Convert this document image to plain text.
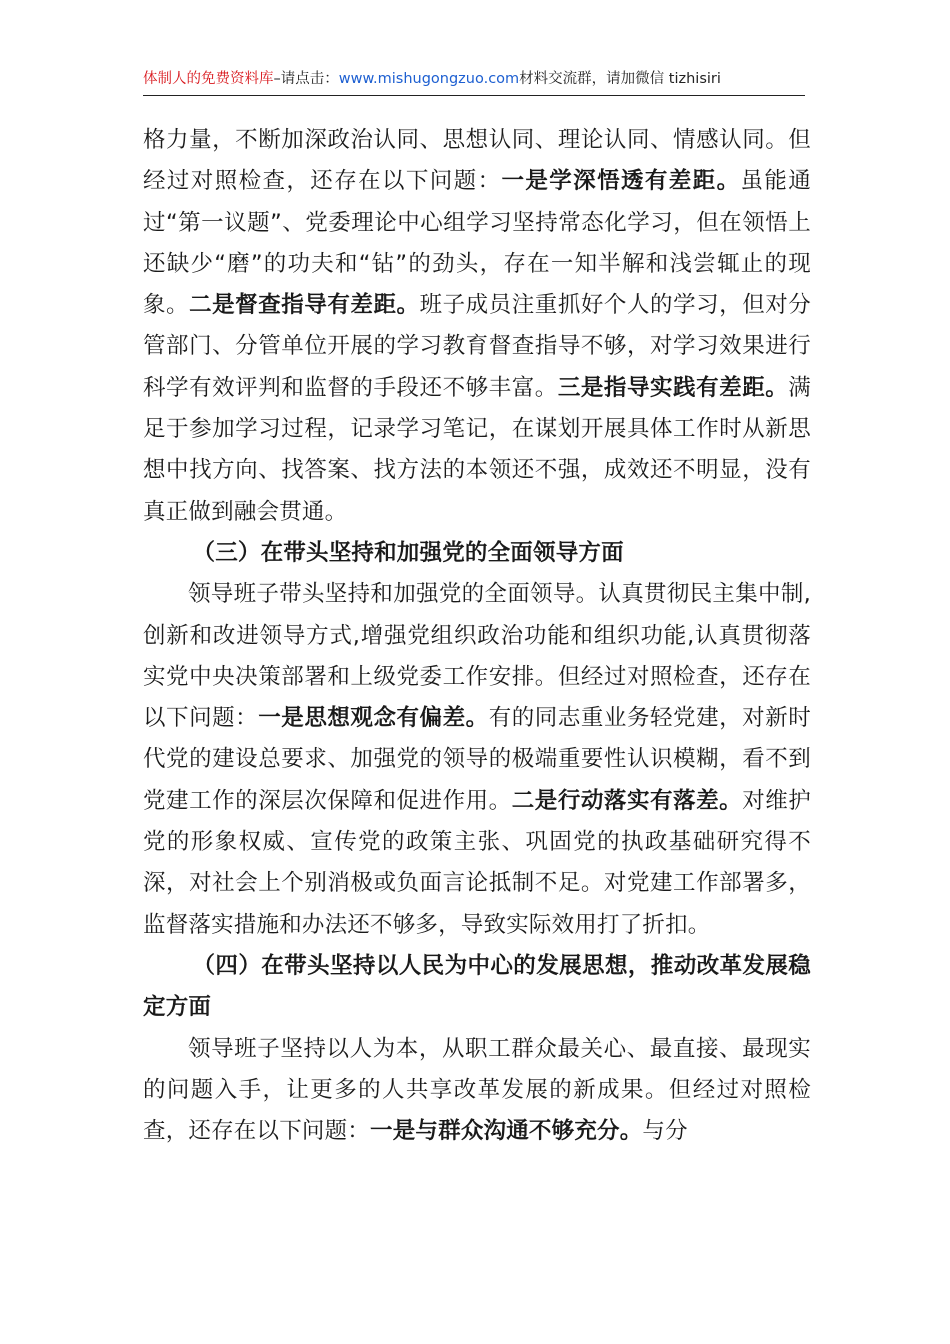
体制人的免费资料库–请点击：www.mishugongzuo.com材料交流群，请加微信 tizhisiri

格力量，不断加深政治认同、思想认同、理论认同、情感认同。但经过对照检查，还存在以下问题：一是学深悟透有差距。虽能通过“第一议题”、党委理论中心组学习坚持常态化学习，但在领悟上还缺少“磨”的功夫和“钻”的劲头，存在一知半解和浅尝辄止的现象。二是督查指导有差距。班子成员注重抓好个人的学习，但对分管部门、分管单位开展的学习教育督查指导不够，对学习效果进行科学有效评判和监督的手段还不够丰富。三是指导实践有差距。满足于参加学习过程，记录学习笔记，在谋划开展具体工作时从新思想中找方向、找答案、找方法的本领还不强，成效还不明显，没有真正做到融会贯通。

（三）在带头坚持和加强党的全面领导方面

领导班子带头坚持和加强党的全面领导。认真贯彻民主集中制,创新和改进领导方式,增强党组织政治功能和组织功能,认真贯彻落实党中央决策部署和上级党委工作安排。但经过对照检查，还存在以下问题：一是思想观念有偏差。有的同志重业务轻党建，对新时代党的建设总要求、加强党的领导的极端重要性认识模糊，看不到党建工作的深层次保障和促进作用。二是行动落实有落差。对维护党的形象权威、宣传党的政策主张、巩固党的执政基础研究得不深，对社会上个别消极或负面言论抵制不足。对党建工作部署多，监督落实措施和办法还不够多，导致实际效用打了折扣。

（四）在带头坚持以人民为中心的发展思想，推动改革发展稳定方面

领导班子坚持以人为本，从职工群众最关心、最直接、最现实的问题入手，让更多的人共享改革发展的新成果。但经过对照检查，还存在以下问题：一是与群众沟通不够充分。与分
